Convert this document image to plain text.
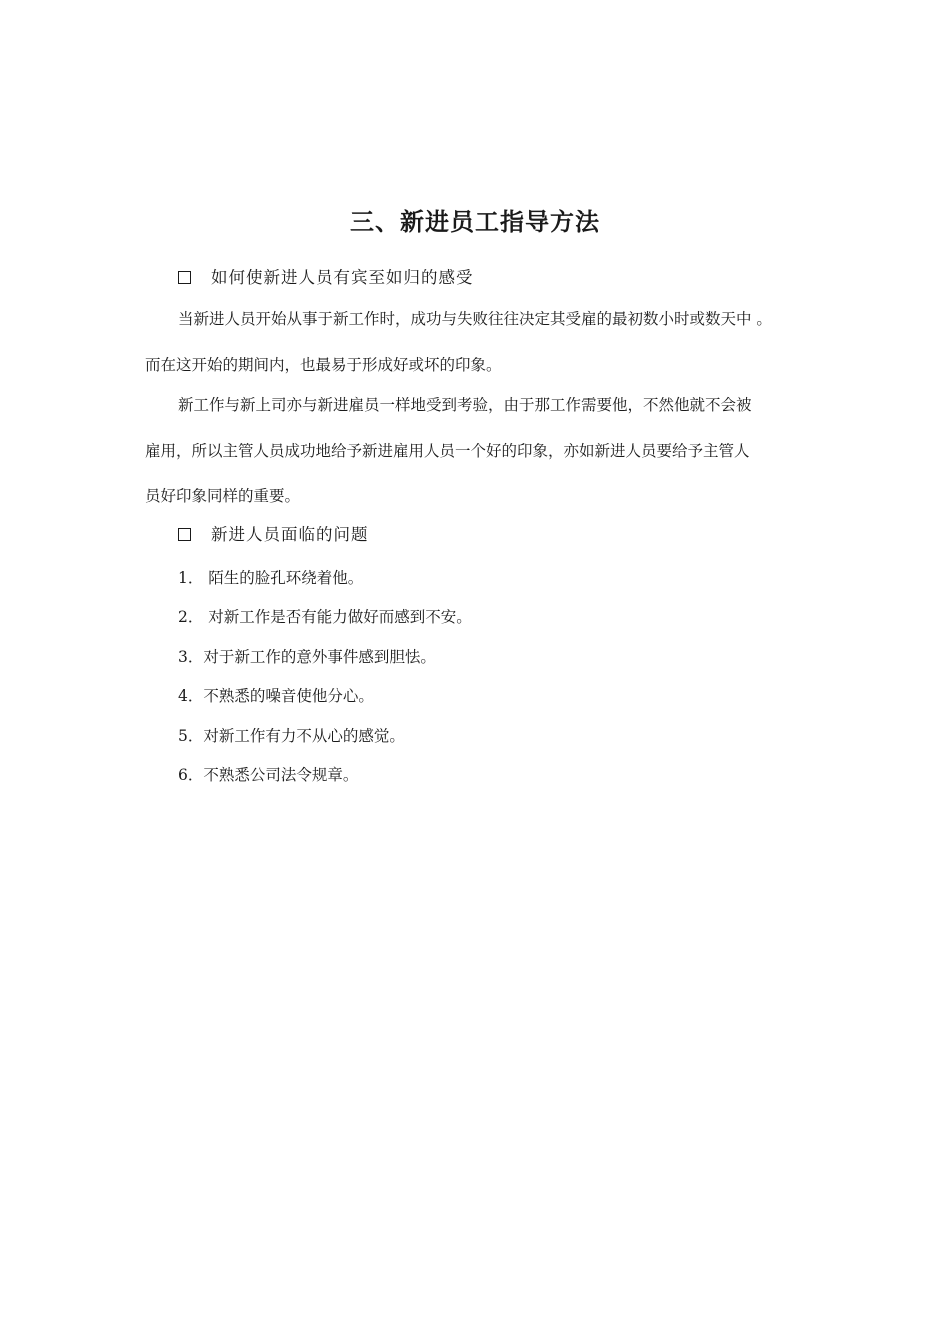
三、新进员工指导方法
如何使新进人员有宾至如归的感受
当新进人员开始从事于新工作时，成功与失败往往决定其受雇的最初数小时或数天中 。
而在这开始的期间内，也最易于形成好或坏的印象。
新工作与新上司亦与新进雇员一样地受到考验，由于那工作需要他，不然他就不会被
雇用，所以主管人员成功地给予新进雇用人员一个好的印象，亦如新进人员要给予主管人
员好印象同样的重要。
新进人员面临的问题
1． 陌生的脸孔环绕着他。
2． 对新工作是否有能力做好而感到不安。
3．对于新工作的意外事件感到胆怯。
4．不熟悉的噪音使他分心。
5．对新工作有力不从心的感觉。
6．不熟悉公司法令规章。
